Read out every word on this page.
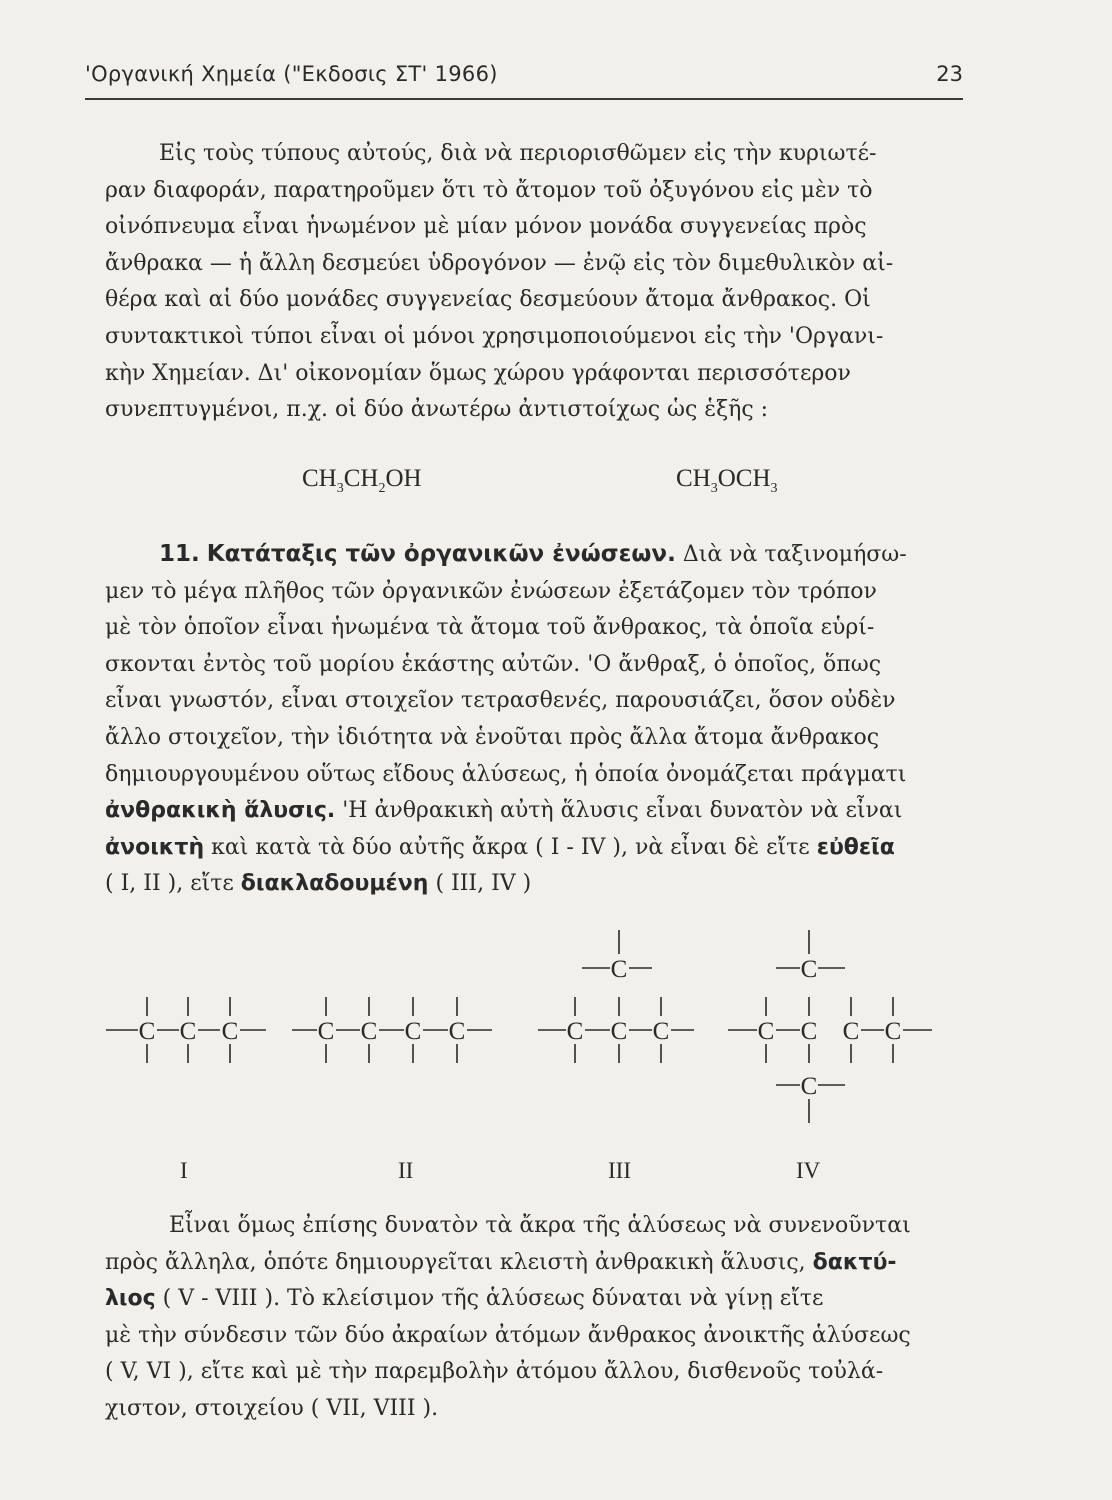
'Οργανική Χημεία ("Εκδοσις ΣΤ' 1966)	23
Εἰς τοὺς τύπους αὐτούς, διὰ νὰ περιορισθῶμεν εἰς τὴν κυριωτέ-
ραν διαφοράν, παρατηροῦμεν ὅτι τὸ ἄτομον τοῦ ὀξυγόνου εἰς μὲν τὸ
οἰνόπνευμα εἶναι ἡνωμένον μὲ μίαν μόνον μονάδα συγγενείας πρὸς
ἄνθρακα — ἡ ἄλλη δεσμεύει ὑδρογόνον — ἐνῷ εἰς τὸν διμεθυλικὸν αἰ-
θέρα καὶ αἱ δύο μονάδες συγγενείας δεσμεύουν ἄτομα ἄνθρακος. Οἱ
συντακτικοὶ τύποι εἶναι οἱ μόνοι χρησιμοποιούμενοι εἰς τὴν 'Οργανι-
κὴν Χημείαν. Δι' οἰκονομίαν ὅμως χώρου γράφονται περισσότερον
συνεπτυγμένοι, π.χ. οἱ δύο ἀνωτέρω ἀντιστοίχως ὡς ἑξῆς :
$CH_3CH_2OH$	$CH_3OCH_3$
11. Κατάταξις τῶν ὀργανικῶν ἐνώσεων. Διὰ νὰ ταξινομήσω-
μεν τὸ μέγα πλῆθος τῶν ὀργανικῶν ἐνώσεων ἐξετάζομεν τὸν τρόπον
μὲ τὸν ὁποῖον εἶναι ἡνωμένα τὰ ἄτομα τοῦ ἄνθρακος, τὰ ὁποῖα εὑρί-
σκονται ἐντὸς τοῦ μορίου ἑκάστης αὐτῶν. 'Ο ἄνθραξ, ὁ ὁποῖος, ὅπως
εἶναι γνωστόν, εἶναι στοιχεῖον τετρασθενές, παρουσιάζει, ὅσον οὐδὲν
ἄλλο στοιχεῖον, τὴν ἰδιότητα νὰ ἑνοῦται πρὸς ἄλλα ἄτομα ἄνθρακος
δημιουργουμένου οὕτως εἴδους ἁλύσεως, ἡ ὁποία ὀνομάζεται πράγματι
ἀνθρακικὴ ἅλυσις. 'Η ἀνθρακικὴ αὐτὴ ἅλυσις εἶναι δυνατὸν νὰ εἶναι
ἀνοικτὴ καὶ κατὰ τὰ δύο αὐτῆς ἄκρα ( I - IV ), νὰ εἶναι δὲ εἴτε εὐθεῖα
( I, II ), εἴτε διακλαδουμένη ( III, IV )
C C C	C C C C	C C C
C
C C C C
C
C
I	II	III	IV
Εἶναι ὅμως ἐπίσης δυνατὸν τὰ ἄκρα τῆς ἁλύσεως νὰ συνενοῦνται
πρὸς ἄλληλα, ὁπότε δημιουργεῖται κλειστὴ ἀνθρακικὴ ἅλυσις, δακτύ-
λιος ( V - VIII ). Τὸ κλείσιμον τῆς ἁλύσεως δύναται νὰ γίνῃ εἴτε
μὲ τὴν σύνδεσιν τῶν δύο ἀκραίων ἀτόμων ἄνθρακος ἀνοικτῆς ἁλύσεως
( V, VI ), εἴτε καὶ μὲ τὴν παρεμβολὴν ἀτόμου ἄλλου, δισθενοῦς τοὐλά-
χιστον, στοιχείου ( VII, VIII ).
